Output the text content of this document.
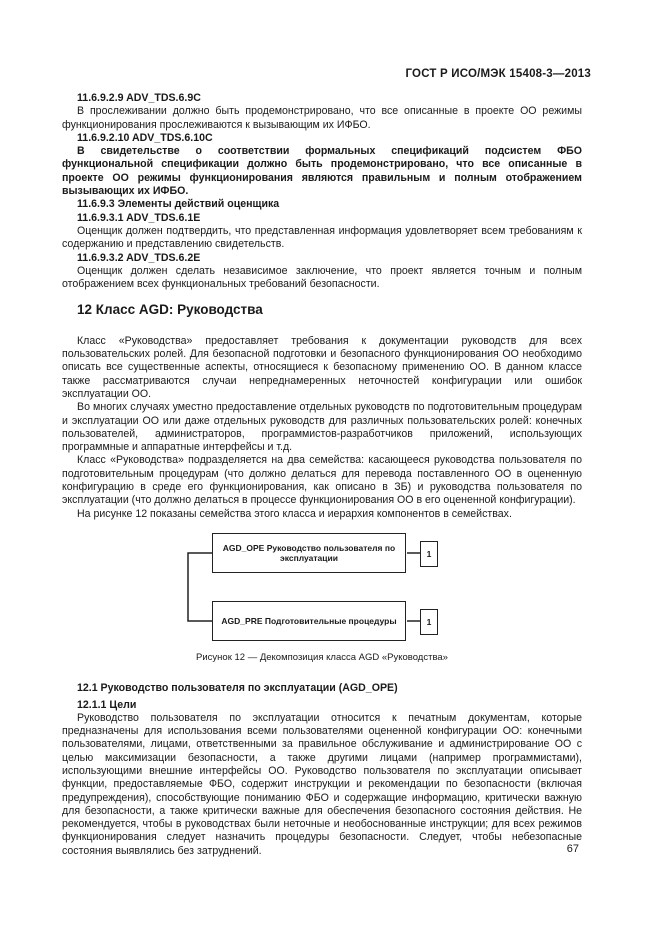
ГОСТ Р ИСО/МЭК 15408-3—2013

11.6.9.2.9 ADV_TDS.6.9C

В прослеживании должно быть продемонстрировано, что все описанные в проекте ОО режимы функционирования прослеживаются к вызывающим их ИФБО.

11.6.9.2.10 ADV_TDS.6.10C

В свидетельстве о соответствии формальных спецификаций подсистем ФБО функциональной спецификации должно быть продемонстрировано, что все описанные в проекте ОО режимы функционирования являются правильным и полным отображением вызывающих их ИФБО.

11.6.9.3 Элементы действий оценщика

11.6.9.3.1 ADV_TDS.6.1E

Оценщик должен подтвердить, что представленная информация удовлетворяет всем требованиям к содержанию и представлению свидетельств.

11.6.9.3.2 ADV_TDS.6.2E

Оценщик должен сделать независимое заключение, что проект является точным и полным отображением всех функциональных требований безопасности.

12 Класс AGD: Руководства

Класс «Руководства» предоставляет требования к документации руководств для всех пользовательских ролей. Для безопасной подготовки и безопасного функционирования ОО необходимо описать все существенные аспекты, относящиеся к безопасному применению ОО. В данном классе также рассматриваются случаи непреднамеренных неточностей конфигурации или ошибок эксплуатации ОО.

Во многих случаях уместно предоставление отдельных руководств по подготовительным процедурам и эксплуатации ОО или даже отдельных руководств для различных пользовательских ролей: конечных пользователей, администраторов, программистов-разработчиков приложений, использующих программные и аппаратные интерфейсы и т.д.

Класс «Руководства» подразделяется на два семейства: касающееся руководства пользователя по подготовительным процедурам (что должно делаться для перевода поставленного ОО в оцененную конфигурацию в среде его функционирования, как описано в ЗБ) и руководства пользователя по эксплуатации (что должно делаться в процессе функционирования ОО в его оцененной конфигурации).

На рисунке 12 показаны семейства этого класса и иерархия компонентов в семействах.

AGD_OPE Руководство пользователя по эксплуатации	1
AGD_PRE Подготовительные процедуры	1

Рисунок 12 — Декомпозиция класса AGD «Руководства»

12.1 Руководство пользователя по эксплуатации (AGD_OPE)

12.1.1 Цели

Руководство пользователя по эксплуатации относится к печатным документам, которые предназначены для использования всеми пользователями оцененной конфигурации ОО: конечными пользователями, лицами, ответственными за правильное обслуживание и администрирование ОО с целью максимизации безопасности, а также другими лицами (например программистами), использующими внешние интерфейсы ОО. Руководство пользователя по эксплуатации описывает функции, предоставляемые ФБО, содержит инструкции и рекомендации по безопасности (включая предупреждения), способствующие пониманию ФБО и содержащие информацию, критически важную для безопасности, а также критически важные для обеспечения безопасного состояния действия. Не рекомендуется, чтобы в руководствах были неточные и необоснованные инструкции; для всех режимов функционирования следует назначить процедуры безопасности. Следует, чтобы небезопасные состояния выявлялись без затруднений.	67
